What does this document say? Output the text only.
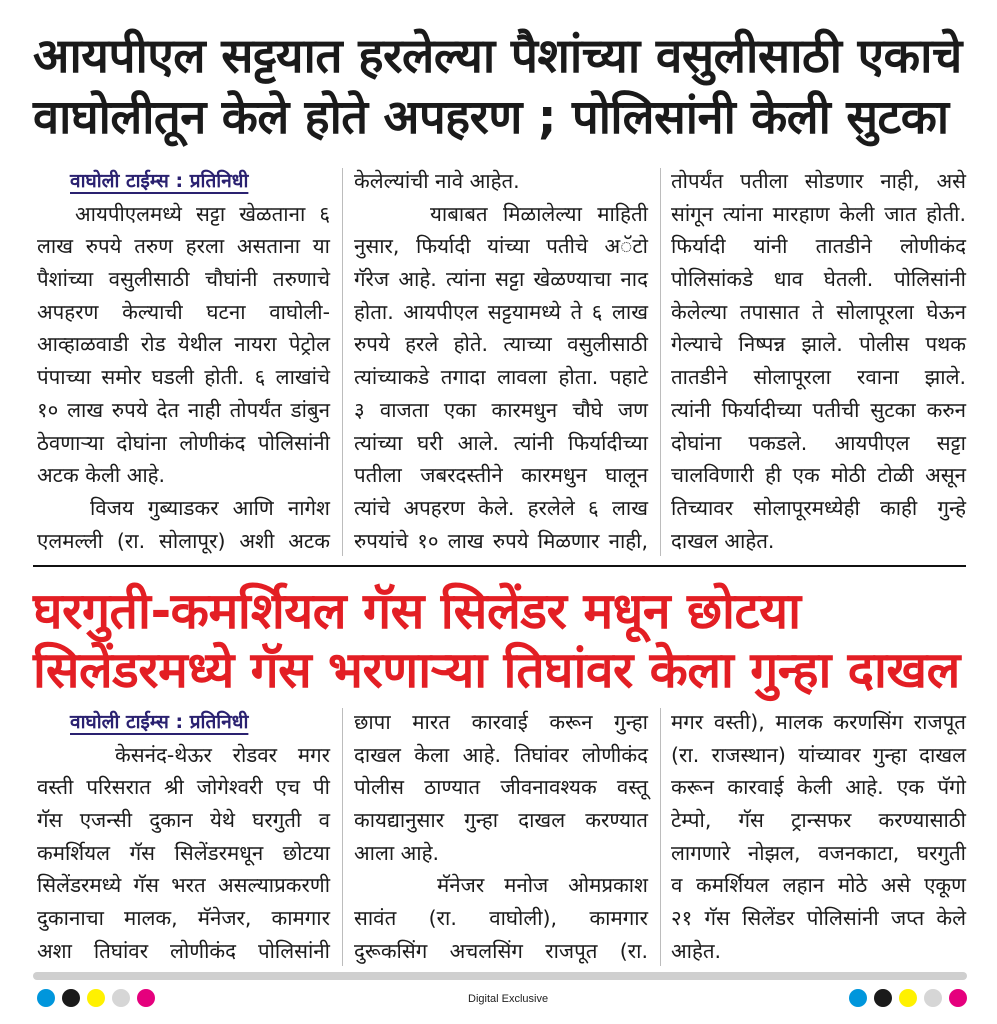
आयपीएल सट्टयात हरलेल्या पैशांच्या वसुलीसाठी एकाचे
वाघोलीतून केले होते अपहरण ; पोलिसांनी केली सुटका
वाघोली टाईम्स : प्रतिनिधी
आयपीएलमध्ये सट्टा खेळताना ६
लाख रुपये तरुण हरला असताना या
पैशांच्या वसुलीसाठी चौघांनी तरुणाचे
अपहरण केल्याची घटना वाघोली-
आव्हाळवाडी रोड येथील नायरा पेट्रोल
पंपाच्या समोर घडली होती. ६ लाखांचे
१० लाख रुपये देत नाही तोपर्यंत डांबुन
ठेवणाऱ्या दोघांना लोणीकंद पोलिसांनी
अटक केली आहे.
विजय गुब्याडकर आणि नागेश
एलमल्ली (रा. सोलापूर) अशी अटक
केलेल्यांची नावे आहेत.
याबाबत मिळालेल्या माहिती
नुसार, फिर्यादी यांच्या पतीचे अॅटो
गॅरेज आहे. त्यांना सट्टा खेळण्याचा नाद
होता. आयपीएल सट्टयामध्ये ते ६ लाख
रुपये हरले होते. त्याच्या वसुलीसाठी
त्यांच्याकडे तगादा लावला होता. पहाटे
३ वाजता एका कारमधुन चौघे जण
त्यांच्या घरी आले. त्यांनी फिर्यादीच्या
पतीला जबरदस्तीने कारमधुन घालून
त्यांचे अपहरण केले. हरलेले ६ लाख
रुपयांचे १० लाख रुपये मिळणार नाही,
तोपर्यंत पतीला सोडणार नाही, असे
सांगून त्यांना मारहाण केली जात होती.
फिर्यादी यांनी तातडीने लोणीकंद
पोलिसांकडे धाव घेतली. पोलिसांनी
केलेल्या तपासात ते सोलापूरला घेऊन
गेल्याचे निष्पन्न झाले. पोलीस पथक
तातडीने सोलापूरला रवाना झाले.
त्यांनी फिर्यादीच्या पतीची सुटका करुन
दोघांना पकडले. आयपीएल सट्टा
चालविणारी ही एक मोठी टोळी असून
तिच्यावर सोलापूरमध्येही काही गुन्हे
दाखल आहेत.
घरगुती-कमर्शियल गॅस सिलेंडर मधून छोटया
सिलेंडरमध्ये गॅस भरणाऱ्या तिघांवर केला गुन्हा दाखल
वाघोली टाईम्स : प्रतिनिधी
केसनंद-थेऊर रोडवर मगर
वस्ती परिसरात श्री जोगेश्वरी एच पी
गॅस एजन्सी दुकान येथे घरगुती व
कमर्शियल गॅस सिलेंडरमधून छोटया
सिलेंडरमध्ये गॅस भरत असल्याप्रकरणी
दुकानाचा मालक, मॅनेजर, कामगार
अशा तिघांवर लोणीकंद पोलिसांनी
छापा मारत कारवाई करून गुन्हा
दाखल केला आहे. तिघांवर लोणीकंद
पोलीस ठाण्यात जीवनावश्यक वस्तू
कायद्यानुसार गुन्हा दाखल करण्यात
आला आहे.
मॅनेजर मनोज ओमप्रकाश
सावंत (रा. वाघोली), कामगार
दुरूकसिंग अचलसिंग राजपूत (रा.
मगर वस्ती), मालक करणसिंग राजपूत
(रा. राजस्थान) यांच्यावर गुन्हा दाखल
करून कारवाई केली आहे. एक पॅगो
टेम्पो, गॅस ट्रान्सफर करण्यासाठी
लागणारे नोझल, वजनकाटा, घरगुती
व कमर्शियल लहान मोठे असे एकूण
२१ गॅस सिलेंडर पोलिसांनी जप्त केले
आहेत.
Digital Exclusive
